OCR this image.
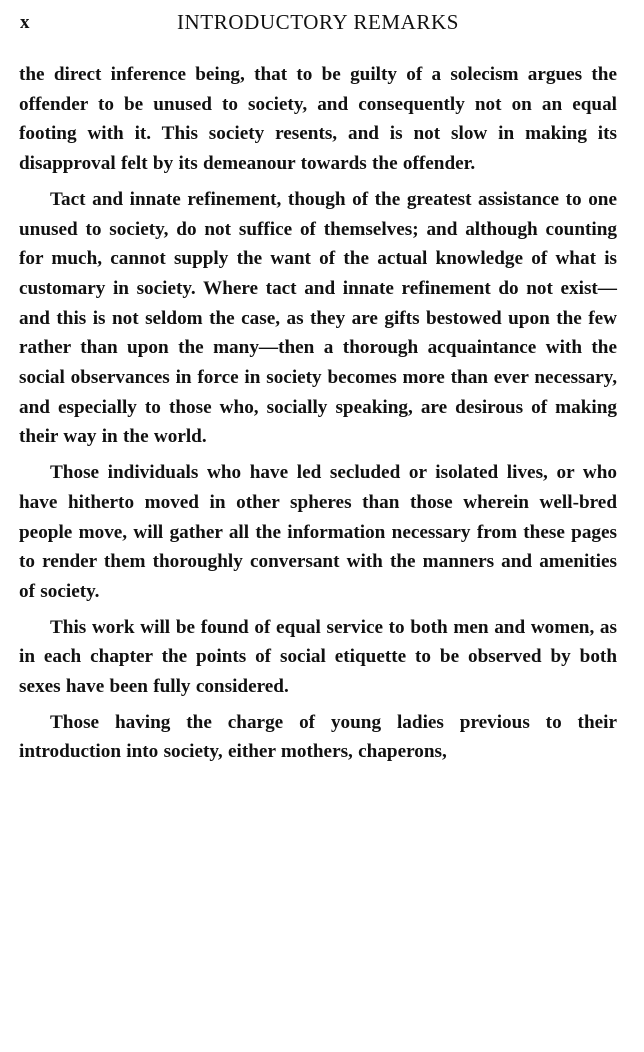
x	INTRODUCTORY REMARKS

the direct inference being, that to be guilty of a solecism argues the offender to be unused to society, and consequently not on an equal footing with it. This society resents, and is not slow in making its disapproval felt by its demeanour towards the offender.

Tact and innate refinement, though of the greatest assistance to one unused to society, do not suffice of themselves; and although counting for much, cannot supply the want of the actual knowledge of what is customary in society. Where tact and innate refinement do not exist—and this is not seldom the case, as they are gifts bestowed upon the few rather than upon the many—then a thorough acquaintance with the social observances in force in society becomes more than ever necessary, and especially to those who, socially speaking, are desirous of making their way in the world.

Those individuals who have led secluded or isolated lives, or who have hitherto moved in other spheres than those wherein well-bred people move, will gather all the information necessary from these pages to render them thoroughly conversant with the manners and amenities of society.

This work will be found of equal service to both men and women, as in each chapter the points of social etiquette to be observed by both sexes have been fully considered.

Those having the charge of young ladies previous to their introduction into society, either mothers, chaperons,
